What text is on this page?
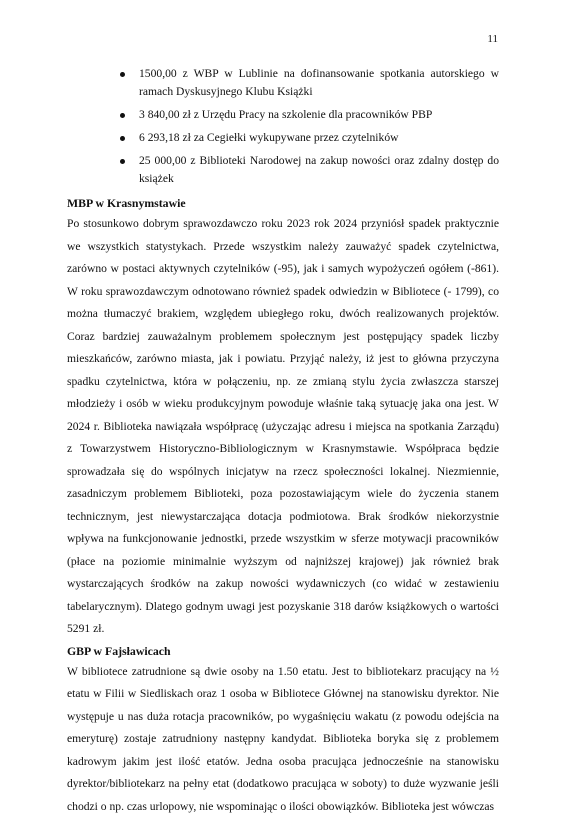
11

1500,00 z WBP w Lublinie na dofinansowanie spotkania autorskiego w ramach Dyskusyjnego Klubu Książki
3 840,00 zł z Urzędu Pracy na szkolenie dla pracowników PBP
6 293,18 zł za Cegiełki wykupywane przez czytelników
25 000,00 z Biblioteki Narodowej na zakup nowości oraz zdalny dostęp do książek
MBP w Krasnymstawie

Po stosunkowo dobrym sprawozdawczo roku 2023 rok 2024 przyniósł spadek praktycznie we wszystkich statystykach. Przede wszystkim należy zauważyć spadek czytelnictwa, zarówno w postaci aktywnych czytelników (-95), jak i samych wypożyczeń ogółem (-861). W roku sprawozdawczym odnotowano również spadek odwiedzin w Bibliotece (- 1799), co można tłumaczyć brakiem, względem ubiegłego roku, dwóch realizowanych projektów. Coraz bardziej zauważalnym problemem społecznym jest postępujący spadek liczby mieszkańców, zarówno miasta, jak i powiatu. Przyjąć należy, iż jest to główna przyczyna spadku czytelnictwa, która w połączeniu, np. ze zmianą stylu życia zwłaszcza starszej młodzieży i osób w wieku produkcyjnym powoduje właśnie taką sytuację jaka ona jest. W 2024 r. Biblioteka nawiązała współpracę (użyczając adresu i miejsca na spotkania Zarządu) z Towarzystwem Historyczno-Bibliologicznym w Krasnymstawie. Współpraca będzie sprowadzała się do wspólnych inicjatyw na rzecz społeczności lokalnej. Niezmiennie, zasadniczym problemem Biblioteki, poza pozostawiającym wiele do życzenia stanem technicznym, jest niewystarczająca dotacja podmiotowa. Brak środków niekorzystnie wpływa na funkcjonowanie jednostki, przede wszystkim w sferze motywacji pracowników (płace na poziomie minimalnie wyższym od najniższej krajowej) jak również brak wystarczających środków na zakup nowości wydawniczych (co widać w zestawieniu tabelarycznym). Dlatego godnym uwagi jest pozyskanie 318 darów książkowych o wartości 5291 zł.

GBP w Fajsławicach

W bibliotece zatrudnione są dwie osoby na 1.50 etatu. Jest to bibliotekarz pracujący na ½ etatu w Filii w Siedliskach oraz 1 osoba w Bibliotece Głównej na stanowisku dyrektor. Nie występuje u nas duża rotacja pracowników, po wygaśnięciu wakatu (z powodu odejścia na emeryturę) zostaje zatrudniony następny kandydat. Biblioteka boryka się z problemem kadrowym jakim jest ilość etatów. Jedna osoba pracująca jednocześnie na stanowisku dyrektor/bibliotekarz na pełny etat (dodatkowo pracująca w soboty) to duże wyzwanie jeśli chodzi o np. czas urlopowy, nie wspominając o ilości obowiązków. Biblioteka jest wówczas
